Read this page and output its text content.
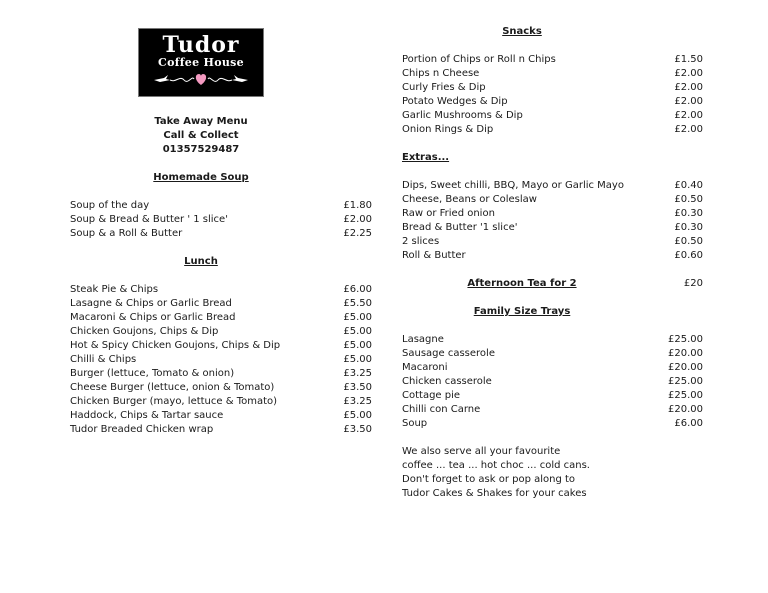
Tudor
Coffee House
Take Away Menu
Call & Collect
01357529487
Homemade Soup
Soup of the day	£1.80
Soup & Bread & Butter ' 1 slice'	£2.00
Soup & a Roll & Butter	£2.25
Lunch
Steak Pie & Chips	£6.00
Lasagne & Chips or Garlic Bread	£5.50
Macaroni & Chips or Garlic Bread	£5.00
Chicken Goujons, Chips & Dip	£5.00
Hot & Spicy Chicken Goujons, Chips & Dip	£5.00
Chilli & Chips	£5.00
Burger (lettuce, Tomato & onion)	£3.25
Cheese Burger (lettuce, onion & Tomato)	£3.50
Chicken Burger (mayo, lettuce & Tomato)	£3.25
Haddock, Chips & Tartar sauce	£5.00
Tudor Breaded Chicken wrap	£3.50
Snacks
Portion of Chips or Roll n Chips	£1.50
Chips n Cheese	£2.00
Curly Fries & Dip	£2.00
Potato Wedges & Dip	£2.00
Garlic Mushrooms & Dip	£2.00
Onion Rings & Dip	£2.00
Extras...
Dips, Sweet chilli, BBQ, Mayo or Garlic Mayo	£0.40
Cheese, Beans or Coleslaw	£0.50
Raw or Fried onion	£0.30
Bread & Butter '1 slice'	£0.30
2 slices	£0.50
Roll & Butter	£0.60
Afternoon Tea for 2	£20
Family Size Trays
Lasagne	£25.00
Sausage casserole	£20.00
Macaroni	£20.00
Chicken casserole	£25.00
Cottage pie	£25.00
Chilli con Carne	£20.00
Soup	£6.00
We also serve all your favourite
coffee ... tea ... hot choc ... cold cans.
Don't forget to ask or pop along to
Tudor Cakes & Shakes for your cakes
